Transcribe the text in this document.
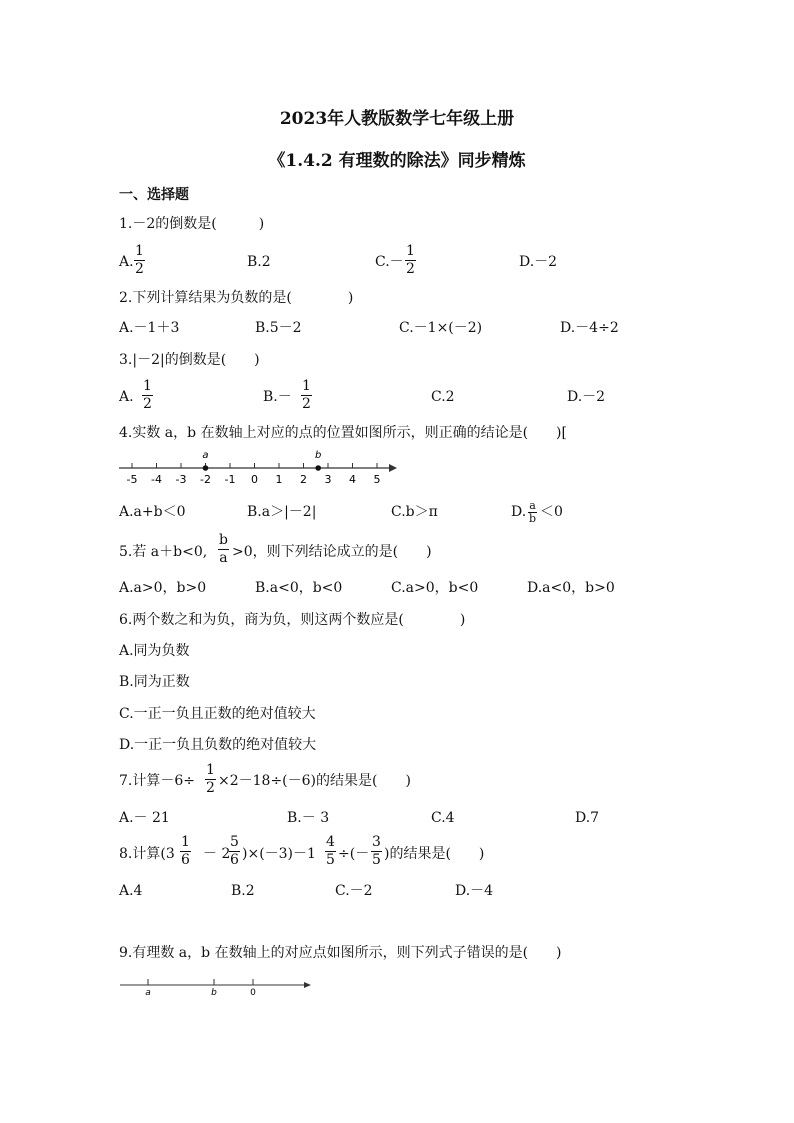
2023年人教版数学七年级上册
《1.4.2 有理数的除法》同步精炼
一、选择题
1.－2的倒数是(　　　)
A.
1
2	B.2	C.－
1
2	D.－2
2.下列计算结果为负数的是(　　　　)
A.－1＋3	B.5－2	C.－1×(－2)	D.－4÷2
3.|－2|的倒数是(　　)
A.
1
2	B.－
1
2	C.2	D.－2
4.实数 a，b 在数轴上对应的点的位置如图所示，则正确的结论是(　　)[
-5 -4 -3 -2 -1 0 1 2 3 4 5
a	b
A.a+b＜0	B.a＞|－2|	C.b＞π	D. a
b ＜0
5.若 a＋b<0,
b
a >0，则下列结论成立的是(　　)
A.a>0，b>0	B.a<0，b<0	C.a>0，b<0	D.a<0，b>0
6.两个数之和为负，商为负，则这两个数应是(　　　　)
A.同为负数
B.同为正数
C.一正一负且正数的绝对值较大
D.一正一负且负数的绝对值较大
7.计算－6÷
1
2 ×2－18÷(－6)的结果是(　　)
A.－ 21	B.－ 3	C.4	D.7
8.计算(3
1
6 － 2
5
6 )×(－3)－1
4
5 ÷(－
3
5 )的结果是(　　)
A.4	B.2	C.－2	D.－4
9.有理数 a，b 在数轴上的对应点如图所示，则下列式子错误的是(　　)
a	b	0
